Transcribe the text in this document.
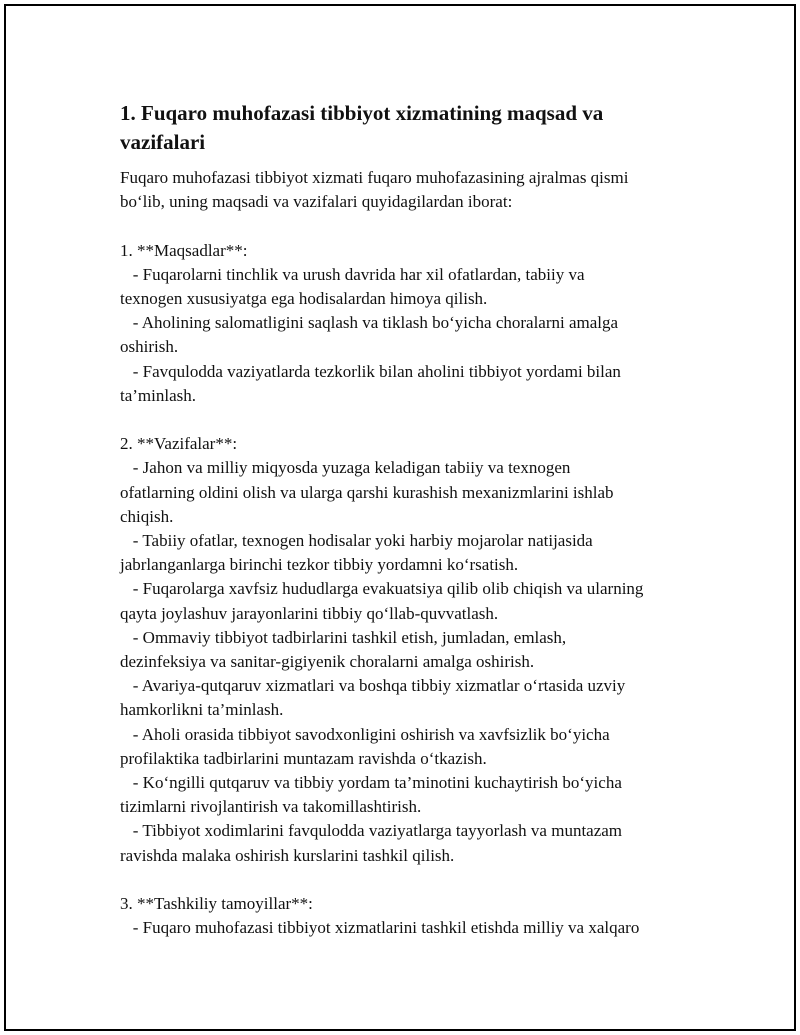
1. Fuqaro muhofazasi tibbiyot xizmatining maqsad va
vazifalari
Fuqaro muhofazasi tibbiyot xizmati fuqaro muhofazasining ajralmas qismi
bo‘lib, uning maqsadi va vazifalari quyidagilardan iborat:
1. **Maqsadlar**:
- Fuqarolarni tinchlik va urush davrida har xil ofatlardan, tabiiy va
texnogen xususiyatga ega hodisalardan himoya qilish.
- Aholining salomatligini saqlash va tiklash bo‘yicha choralarni amalga
oshirish.
- Favqulodda vaziyatlarda tezkorlik bilan aholini tibbiyot yordami bilan
ta’minlash.
2. **Vazifalar**:
- Jahon va milliy miqyosda yuzaga keladigan tabiiy va texnogen
ofatlarning oldini olish va ularga qarshi kurashish mexanizmlarini ishlab
chiqish.
- Tabiiy ofatlar, texnogen hodisalar yoki harbiy mojarolar natijasida
jabrlanganlarga birinchi tezkor tibbiy yordamni ko‘rsatish.
- Fuqarolarga xavfsiz hududlarga evakuatsiya qilib olib chiqish va ularning
qayta joylashuv jarayonlarini tibbiy qo‘llab-quvvatlash.
- Ommaviy tibbiyot tadbirlarini tashkil etish, jumladan, emlash,
dezinfeksiya va sanitar-gigiyenik choralarni amalga oshirish.
- Avariya-qutqaruv xizmatlari va boshqa tibbiy xizmatlar o‘rtasida uzviy
hamkorlikni ta’minlash.
- Aholi orasida tibbiyot savodxonligini oshirish va xavfsizlik bo‘yicha
profilaktika tadbirlarini muntazam ravishda o‘tkazish.
- Ko‘ngilli qutqaruv va tibbiy yordam ta’minotini kuchaytirish bo‘yicha
tizimlarni rivojlantirish va takomillashtirish.
- Tibbiyot xodimlarini favqulodda vaziyatlarga tayyorlash va muntazam
ravishda malaka oshirish kurslarini tashkil qilish.
3. **Tashkiliy tamoyillar**:
- Fuqaro muhofazasi tibbiyot xizmatlarini tashkil etishda milliy va xalqaro
